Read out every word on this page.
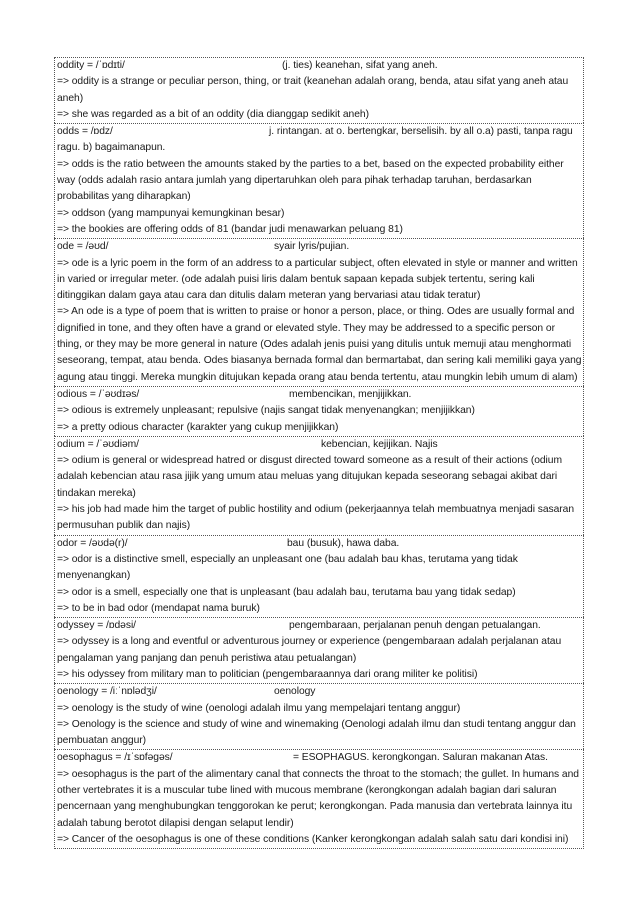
oddity = /ˈɒdɪti/	(j. ties) keanehan, sifat yang aneh.
=> oddity is a strange or peculiar person, thing, or trait (keanehan adalah orang, benda, atau sifat yang aneh atau aneh)
=> she was regarded as a bit of an oddity (dia dianggap sedikit aneh)
odds = /ɒdz/	j. rintangan. at o. bertengkar, berselisih. by all o.a) pasti, tanpa ragu ragu. b) bagaimanapun.
=> odds is the ratio between the amounts staked by the parties to a bet, based on the expected probability either way (odds adalah rasio antara jumlah yang dipertaruhkan oleh para pihak terhadap taruhan, berdasarkan probabilitas yang diharapkan)
=> oddson (yang mampunyai kemungkinan besar)
=> the bookies are offering odds of 81 (bandar judi menawarkan peluang 81)
ode = /əʊd/	syair lyris/pujian.
=> ode is a lyric poem in the form of an address to a particular subject, often elevated in style or manner and written in varied or irregular meter. (ode adalah puisi liris dalam bentuk sapaan kepada subjek tertentu, sering kali ditinggikan dalam gaya atau cara dan ditulis dalam meteran yang bervariasi atau tidak teratur)
=> An ode is a type of poem that is written to praise or honor a person, place, or thing. Odes are usually formal and dignified in tone, and they often have a grand or elevated style. They may be addressed to a specific person or thing, or they may be more general in nature (Odes adalah jenis puisi yang ditulis untuk memuji atau menghormati seseorang, tempat, atau benda. Odes biasanya bernada formal dan bermartabat, dan sering kali memiliki gaya yang agung atau tinggi. Mereka mungkin ditujukan kepada orang atau benda tertentu, atau mungkin lebih umum di alam)
odious = /ˈəʊdɪəs/	membencikan, menjijikkan.
=> odious is extremely unpleasant; repulsive (najis sangat tidak menyenangkan; menjijikkan)
=> a pretty odious character (karakter yang cukup menjijikkan)
odium = /ˈəʊdiəm/	kebencian, kejijikan. Najis
=> odium is general or widespread hatred or disgust directed toward someone as a result of their actions (odium adalah kebencian atau rasa jijik yang umum atau meluas yang ditujukan kepada seseorang sebagai akibat dari tindakan mereka)
=> his job had made him the target of public hostility and odium (pekerjaannya telah membuatnya menjadi sasaran permusuhan publik dan najis)
odor = /əʊdə(r)/	bau (busuk), hawa daba.
=> odor is a distinctive smell, especially an unpleasant one (bau adalah bau khas, terutama yang tidak menyenangkan)
=> odor is a smell, especially one that is unpleasant (bau adalah bau, terutama bau yang tidak sedap)
=> to be in bad odor (mendapat nama buruk)
odyssey = /ɒdəsi/	pengembaraan, perjalanan penuh dengan petualangan.
=> odyssey is a long and eventful or adventurous journey or experience (pengembaraan adalah perjalanan atau pengalaman yang panjang dan penuh peristiwa atau petualangan)
=> his odyssey from military man to politician (pengembaraannya dari orang militer ke politisi)
oenology = /iːˈnɒlədʒi/	oenology
=> oenology is the study of wine (oenologi adalah ilmu yang mempelajari tentang anggur)
=> Oenology is the science and study of wine and winemaking (Oenologi adalah ilmu dan studi tentang anggur dan pembuatan anggur)
oesophagus = /ɪˈsɒfəgəs/	= ESOPHAGUS. kerongkongan. Saluran makanan Atas.
=> oesophagus is the part of the alimentary canal that connects the throat to the stomach; the gullet. In humans and other vertebrates it is a muscular tube lined with mucous membrane (kerongkongan adalah bagian dari saluran pencernaan yang menghubungkan tenggorokan ke perut; kerongkongan. Pada manusia dan vertebrata lainnya itu adalah tabung berotot dilapisi dengan selaput lendir)
=> Cancer of the oesophagus is one of these conditions (Kanker kerongkongan adalah salah satu dari kondisi ini)
